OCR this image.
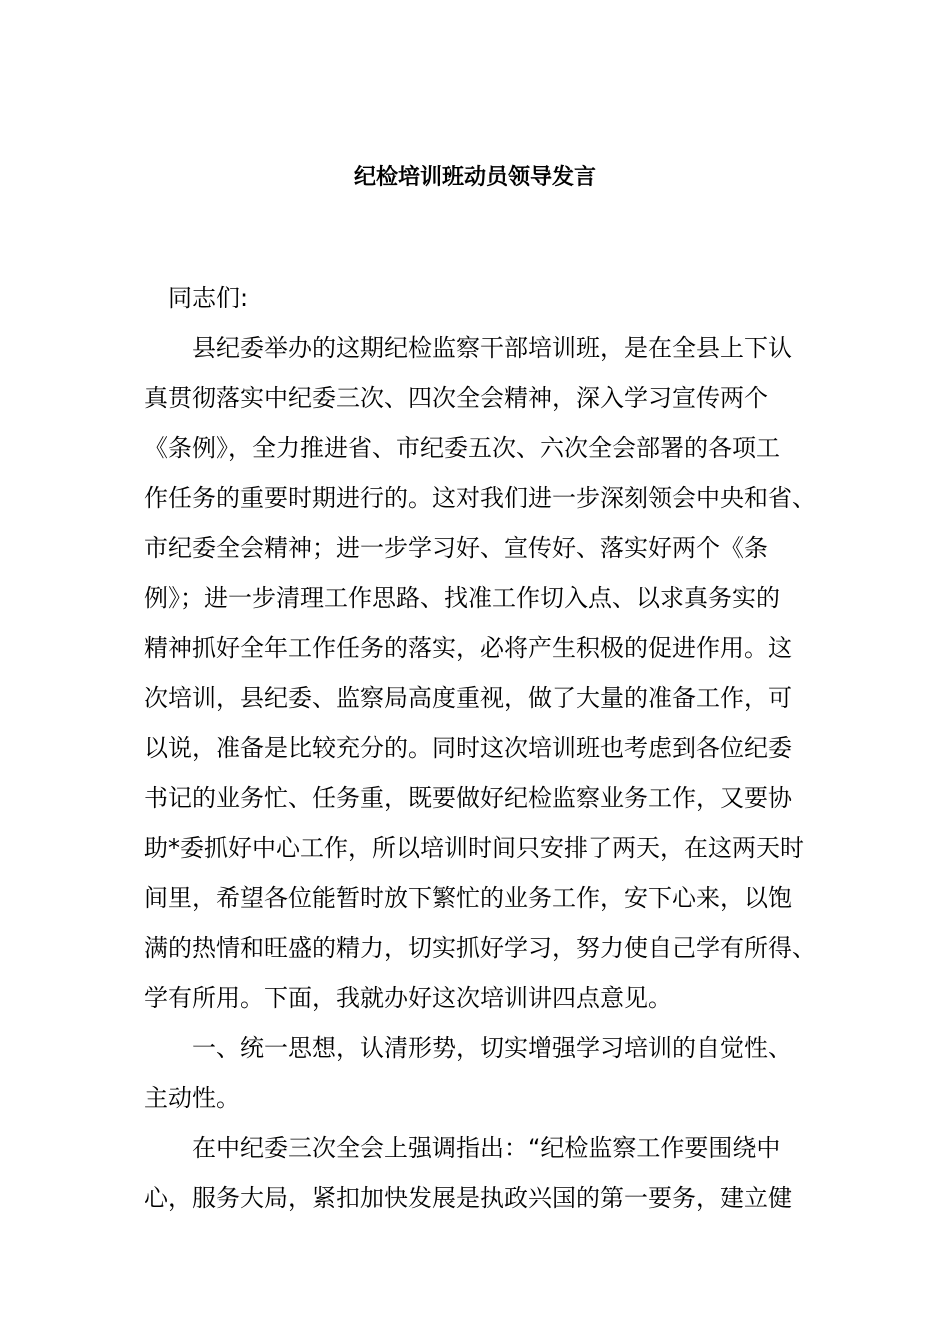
纪检培训班动员领导发言
同志们:
县纪委举办的这期纪检监察干部培训班，是在全县上下认
真贯彻落实中纪委三次、四次全会精神，深入学习宣传两个
《条例》，全力推进省、市纪委五次、六次全会部署的各项工
作任务的重要时期进行的。这对我们进一步深刻领会中央和省、
市纪委全会精神；进一步学习好、宣传好、落实好两个《条
例》；进一步清理工作思路、找准工作切入点、以求真务实的
精神抓好全年工作任务的落实，必将产生积极的促进作用。这
次培训，县纪委、监察局高度重视，做了大量的准备工作，可
以说，准备是比较充分的。同时这次培训班也考虑到各位纪委
书记的业务忙、任务重，既要做好纪检监察业务工作，又要协
助*委抓好中心工作，所以培训时间只安排了两天，在这两天时
间里，希望各位能暂时放下繁忙的业务工作，安下心来，以饱
满的热情和旺盛的精力，切实抓好学习，努力使自己学有所得、
学有所用。下面，我就办好这次培训讲四点意见。
一、统一思想，认清形势，切实增强学习培训的自觉性、
主动性。
在中纪委三次全会上强调指出：“纪检监察工作要围绕中
心，服务大局，紧扣加快发展是执政兴国的第一要务，建立健
